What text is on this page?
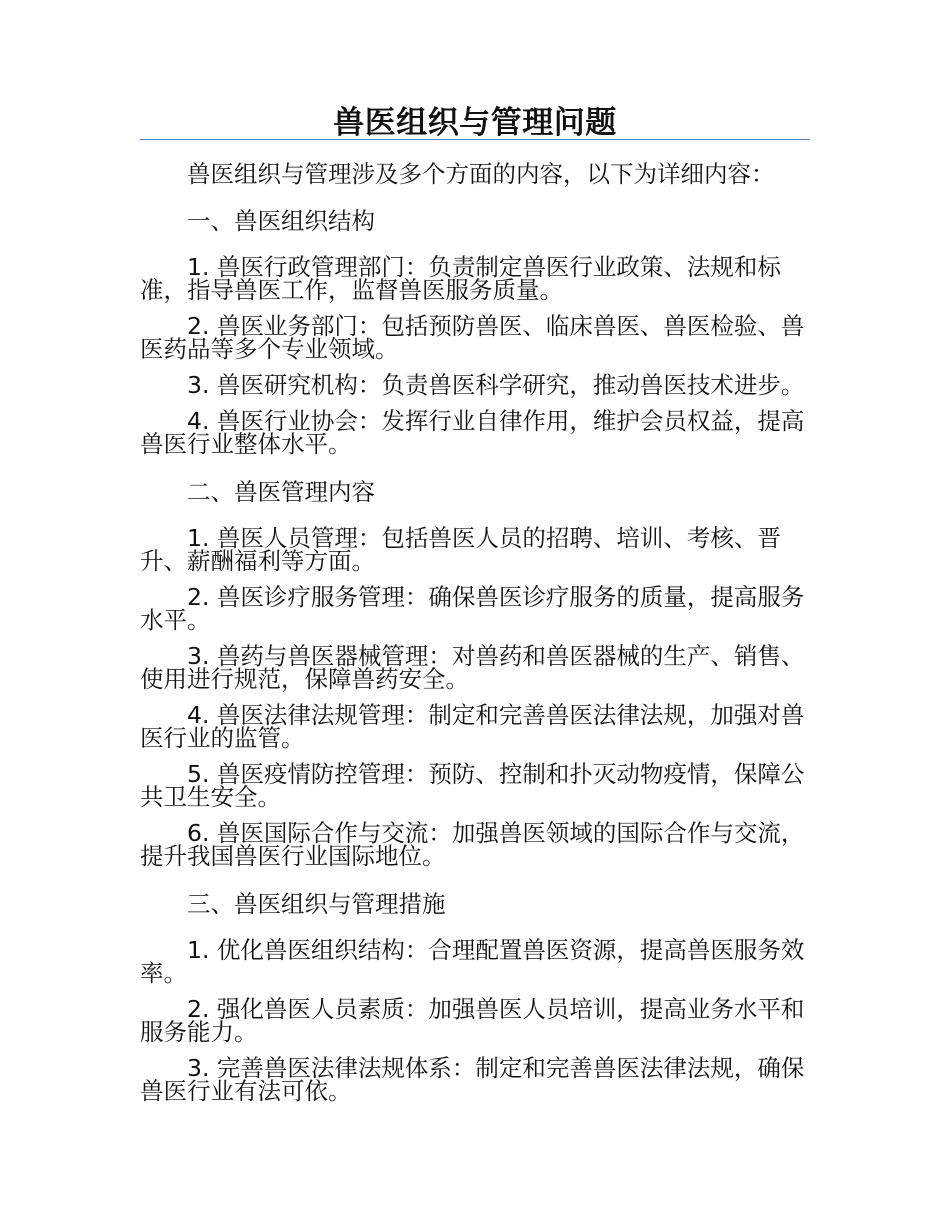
兽医组织与管理问题

兽医组织与管理涉及多个方面的内容，以下为详细内容：

一、兽医组织结构

1. 兽医行政管理部门：负责制定兽医行业政策、法规和标准，指导兽医工作，监督兽医服务质量。

2. 兽医业务部门：包括预防兽医、临床兽医、兽医检验、兽医药品等多个专业领域。

3. 兽医研究机构：负责兽医科学研究，推动兽医技术进步。

4. 兽医行业协会：发挥行业自律作用，维护会员权益，提高兽医行业整体水平。

二、兽医管理内容

1. 兽医人员管理：包括兽医人员的招聘、培训、考核、晋升、薪酬福利等方面。

2. 兽医诊疗服务管理：确保兽医诊疗服务的质量，提高服务水平。

3. 兽药与兽医器械管理：对兽药和兽医器械的生产、销售、使用进行规范，保障兽药安全。

4. 兽医法律法规管理：制定和完善兽医法律法规，加强对兽医行业的监管。

5. 兽医疫情防控管理：预防、控制和扑灭动物疫情，保障公共卫生安全。

6. 兽医国际合作与交流：加强兽医领域的国际合作与交流，提升我国兽医行业国际地位。

三、兽医组织与管理措施

1. 优化兽医组织结构：合理配置兽医资源，提高兽医服务效率。

2. 强化兽医人员素质：加强兽医人员培训，提高业务水平和服务能力。

3. 完善兽医法律法规体系：制定和完善兽医法律法规，确保兽医行业有法可依。
